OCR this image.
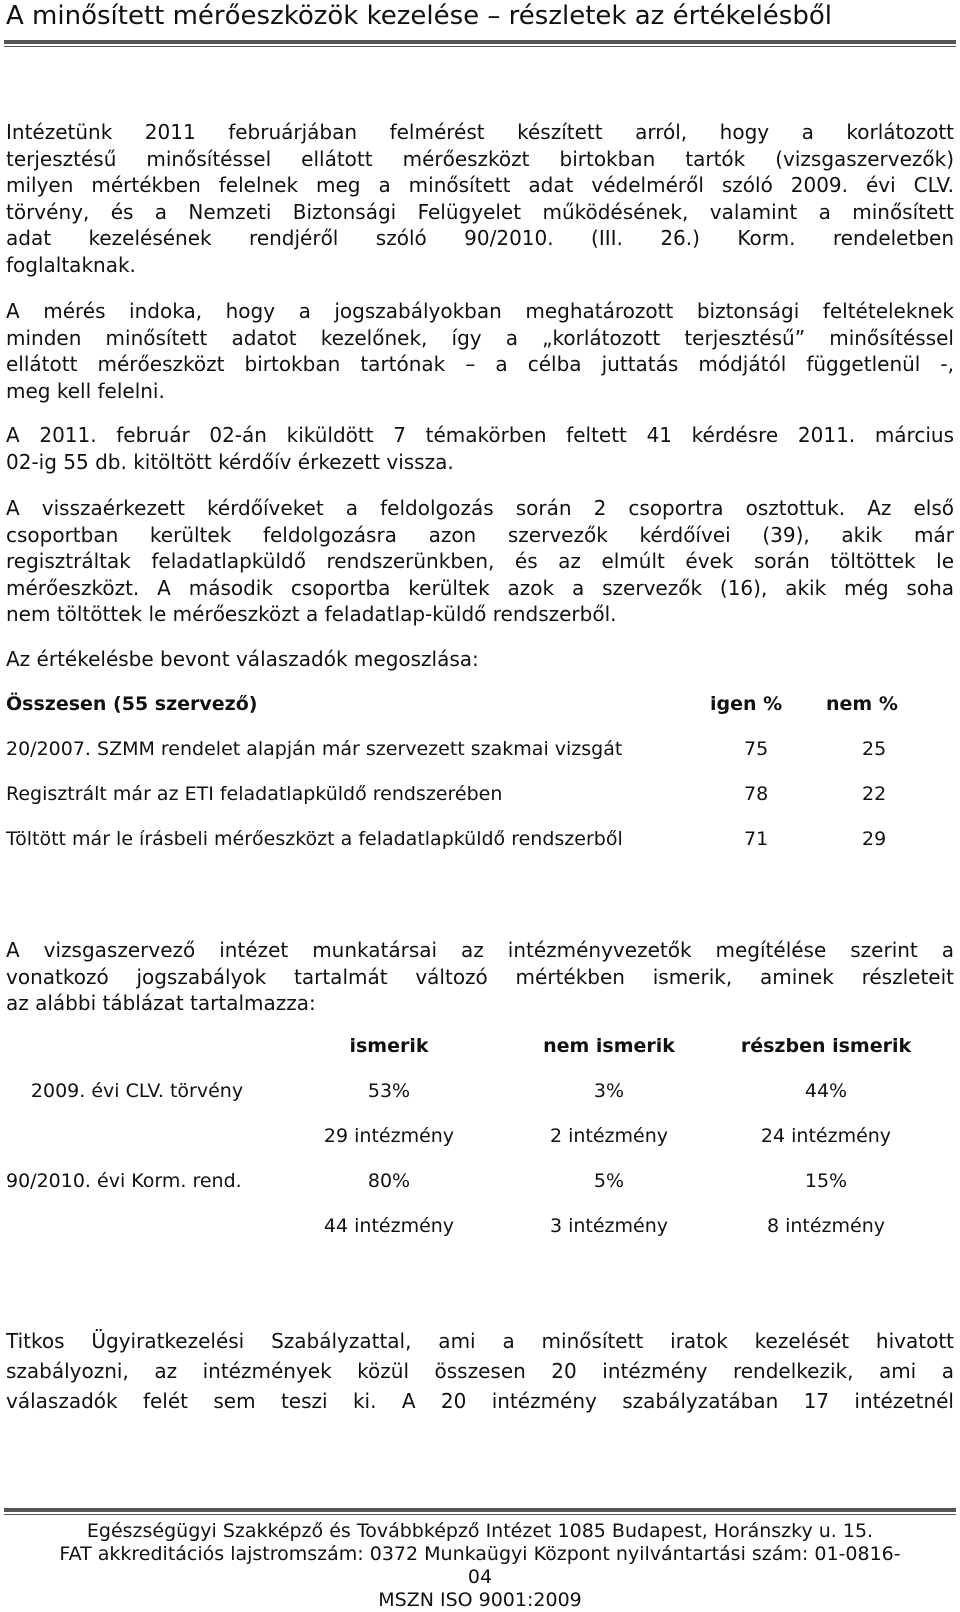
A minősített mérőeszközök kezelése – részletek az értékelésből
Intézetünk 2011 februárjában felmérést készített arról, hogy a korlátozott
terjesztésű minősítéssel ellátott mérőeszközt birtokban tartók (vizsgaszervezők)
milyen mértékben felelnek meg a minősített adat védelméről szóló 2009. évi CLV.
törvény, és a Nemzeti Biztonsági Felügyelet működésének, valamint a minősített
adat kezelésének rendjéről szóló 90/2010. (III. 26.) Korm. rendeletben
foglaltaknak.
A mérés indoka, hogy a jogszabályokban meghatározott biztonsági feltételeknek
minden minősített adatot kezelőnek, így a „korlátozott terjesztésű” minősítéssel
ellátott mérőeszközt birtokban tartónak – a célba juttatás módjától függetlenül -,
meg kell felelni.
A 2011. február 02-án kiküldött 7 témakörben feltett 41 kérdésre 2011. március
02-ig 55 db. kitöltött kérdőív érkezett vissza.
A visszaérkezett kérdőíveket a feldolgozás során 2 csoportra osztottuk. Az első
csoportban kerültek feldolgozásra azon szervezők kérdőívei (39), akik már
regisztráltak feladatlapküldő rendszerünkben, és az elmúlt évek során töltöttek le
mérőeszközt. A második csoportba kerültek azok a szervezők (16), akik még soha
nem töltöttek le mérőeszközt a feladatlap-küldő rendszerből.
Az értékelésbe bevont válaszadók megoszlása:
Összesen (55 szervező)	igen % nem %
20/2007. SZMM rendelet alapján már szervezett szakmai vizsgát	75	25
Regisztrált már az ETI feladatlapküldő rendszerében	78	22
Töltött már le írásbeli mérőeszközt a feladatlapküldő rendszerből	71	29
A vizsgaszervező intézet munkatársai az intézményvezetők megítélése szerint a
vonatkozó jogszabályok tartalmát változó mértékben ismerik, aminek részleteit
az alábbi táblázat tartalmazza:
ismerik	nem ismerik	részben ismerik
2009. évi CLV. törvény	53%	3%	44%
29 intézmény	2 intézmény	24 intézmény
90/2010. évi Korm. rend.	80%	5%	15%
44 intézmény	3 intézmény	8 intézmény
Titkos Ügyiratkezelési Szabályzattal, ami a minősített iratok kezelését hivatott
szabályozni, az intézmények közül összesen 20 intézmény rendelkezik, ami a
válaszadók felét sem teszi ki. A 20 intézmény szabályzatában 17 intézetnél
Egészségügyi Szakképző és Továbbképző Intézet 1085 Budapest, Horánszky u. 15.
FAT akkreditációs lajstromszám: 0372 Munkaügyi Központ nyilvántartási szám: 01-0816-
04
MSZN ISO 9001:2009
